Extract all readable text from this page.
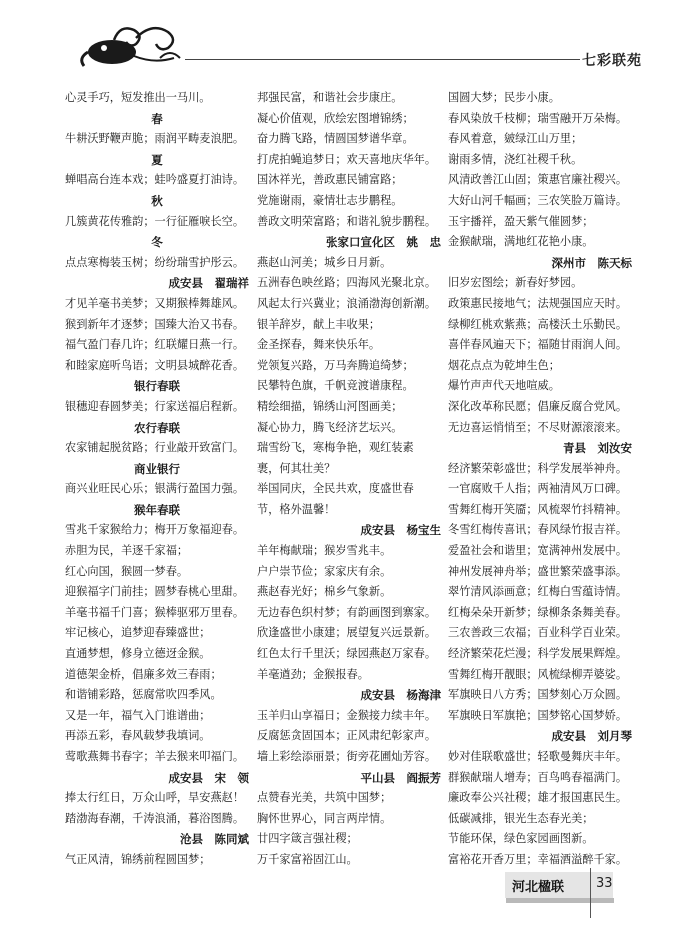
七彩联苑
心灵手巧，短发推出一马川。
春
牛耕沃野鞭声脆；雨润平畴麦浪肥。
夏
蝉唱高台连本戏；蛙吟盛夏打油诗。
秋
几簇黄花传雅韵；一行征雁唳长空。
冬
点点寒梅装玉树；纷纷瑞雪护彤云。
成安县　翟瑞祥
才见羊毫书美梦；又期猴棒舞雄风。
猴到新年才逐梦；国臻大治又书春。
福气盈门春几许；红联耀日燕一行。
和睦家庭听鸟语；文明县城醉花香。
银行春联
银穗迎春圆梦美；行家送福启程新。
农行春联
农家铺起脱贫路；行业敲开致富门。
商业银行
商兴业旺民心乐；银满行盈国力强。
猴年春联
雪兆千家猴给力；梅开万象福迎春。
赤胆为民，羊逐千家福；
红心向国，猴圆一梦春。
迎猴福字门前挂；圆梦春桃心里甜。
羊毫书福千门喜；猴棒驱邪万里春。
牢记核心，追梦迎春臻盛世；
直通梦想，修身立德迓金猴。
道德架金桥，倡廉多效三春雨；
和谐铺彩路，惩腐常吹四季风。
又是一年，福气入门谁谱曲；
再添五彩，春风载梦我填词。
莺歌燕舞书春字；羊去猴来叩福门。
成安县　宋　领
捧太行红日，万众山呼，旱安燕赵！
踏渤海春潮，千涛浪涌，暮浴图腾。
沧县　陈同斌
气正风清，锦绣前程圆国梦；
邦强民富，和谐社会步康庄。
凝心价值观，欣绘宏图增锦绣；
奋力腾飞路，情圆国梦谱华章。
打虎拍蝇追梦日；欢天喜地庆华年。
国沐祥光，善政惠民铺富路；
党施谢雨，豪情壮志步鹏程。
善政文明荣富路；和谐礼貌步鹏程。
张家口宣化区　姚　忠
燕赵山河美；城乡日月新。
五洲春色映丝路；四海风光聚北京。
风起太行兴冀业；浪涌渤海创新潮。
银羊辞岁，献上丰收果；
金圣探春，舞来快乐年。
党领复兴路，万马奔腾追绮梦；
民攀特色旗，千帆竞渡谱康程。
精绘细描，锦绣山河图画美；
凝心协力，腾飞经济艺坛兴。
瑞雪纷飞，寒梅争艳，观红装素
裹，何其壮美？
举国同庆，全民共欢，度盛世春
节，格外温馨！
成安县　杨宝生
羊年梅献瑞；猴岁雪兆丰。
户户崇节俭；家家庆有余。
燕赵春光好；棉乡气象新。
无边春色织村梦；有韵画图到寨家。
欣逢盛世小康建；展望复兴远景新。
红色太行千里沃；绿园燕赵万家春。
羊毫遒劲；金猴报春。
成安县　杨海津
玉羊归山享福日；金猴接力续丰年。
反腐惩贪固国本；正风肃纪彰家声。
墙上彩绘添丽景；街旁花圃灿芳容。
平山县　阎振芳
点赞春光美，共筑中国梦；
胸怀世界心，同言两岸情。
廿四字箴言强社稷；
万千家富裕固江山。
国圆大梦；民步小康。
春风染放千枝柳；瑞雪融开万朵梅。
春风着意，皴绿江山万里；
谢雨多情，浇红社稷千秋。
风清政善江山固；策惠官廉社稷兴。
大好山河千幅画；三农笑脸万篇诗。
玉宇播祥，盈天紫气催圆梦；
金猴献瑞，满地红花艳小康。
深州市　陈天标
旧岁宏图绘；新春好梦园。
政策惠民接地气；法规强国应天时。
绿柳红桃欢紫燕；高楼沃土乐勤民。
喜伴春风遍天下；福随甘雨润人间。
烟花点点为乾坤生色；
爆竹声声代天地喧威。
深化改革称民愿；倡廉反腐合党风。
无边喜运悄悄至；不尽财源滚滚来。
青县　刘汝安
经济繁荣彰盛世；科学发展举神舟。
一官腐败千人指；两袖清风万口碑。
雪舞红梅开笑靥；风梳翠竹抖精神。
冬雪红梅传喜讯；春风绿竹报吉祥。
爱盈社会和谐里；宽满神州发展中。
神州发展神舟举；盛世繁荣盛事添。
翠竹清风添画意；红梅白雪蕴诗情。
红梅朵朵开新梦；绿柳条条舞美春。
三农善政三农福；百业科学百业荣。
经济繁荣花烂漫；科学发展果辉煌。
雪舞红梅开靓眼；风梳绿柳弄婆娑。
军旗映日八方秀；国梦刻心万众圆。
军旗映日军旗艳；国梦铭心国梦娇。
成安县　刘月琴
妙对佳联歌盛世；轻歌曼舞庆丰年。
群猴献瑞人增寿；百鸟鸣春福满门。
廉政奉公兴社稷；雄才报国惠民生。
低碳减排，银光生态春光美；
节能环保，绿色家园画图新。
富裕花开香万里；幸福酒溢醉千家。
河北楹联 33
